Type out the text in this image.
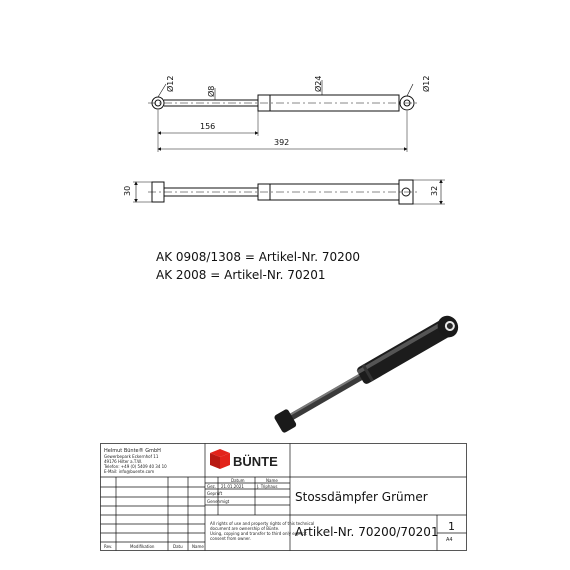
Ø12	Ø8	Ø24	Ø12
156
392
30	32
AK 0908/1308 = Artikel-Nr. 70200
AK 2008 = Artikel-Nr. 70201
Helmut Bünte® GmbH
Gewerbepark Eckernhof 11
49176 Hilter a.T.W.
Telefon: +49 (0) 5409 40 34 10
E-Mail: info@buente.com
BÜNTE
Datum	Name
Gez. 21.01.2021	J. Triphaus
Geprüft
Genehmigt
All rights of use and property rights of this technical
document are ownership of Bünte.
Using, copying and transfer to third only explicit
consent from owner.
Stossdämpfer Grümer
Artikel-Nr. 70200/70201 1
A4
Rev.	Modifikation	Datu Name
